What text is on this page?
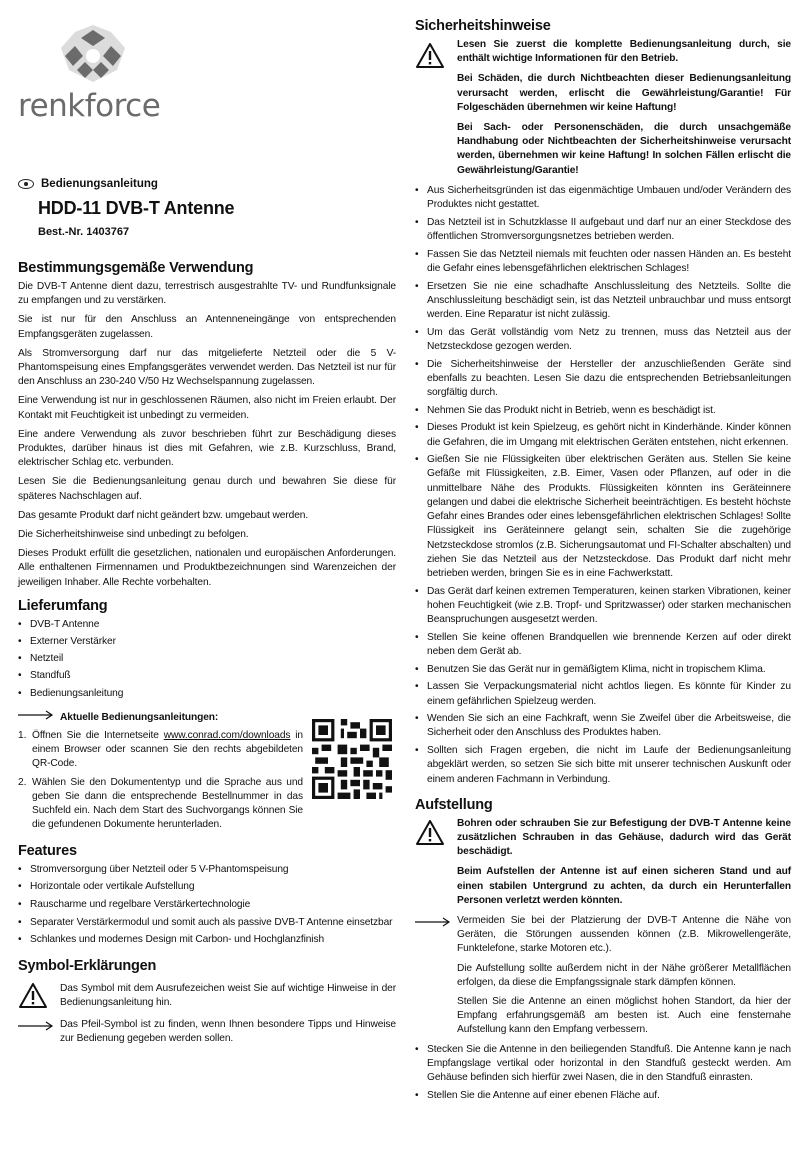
renkforce
Bedienungsanleitung
HDD-11 DVB-T Antenne
Best.-Nr. 1403767
Bestimmungsgemäße Verwendung

Die DVB-T Antenne dient dazu, terrestrisch ausgestrahlte TV- und Rundfunksignale zu empfangen und zu verstärken.

Sie ist nur für den Anschluss an Antenneneingänge von entsprechenden Empfangsgeräten zugelassen.

Als Stromversorgung darf nur das mitgelieferte Netzteil oder die 5 V-Phantomspeisung eines Empfangsgerätes verwendet werden. Das Netzteil ist nur für den Anschluss an 230-240 V/50 Hz Wechselspannung zugelassen.

Eine Verwendung ist nur in geschlossenen Räumen, also nicht im Freien erlaubt. Der Kontakt mit Feuchtigkeit ist unbedingt zu vermeiden.

Eine andere Verwendung als zuvor beschrieben führt zur Beschädigung dieses Produktes, darüber hinaus ist dies mit Gefahren, wie z.B. Kurzschluss, Brand, elektrischer Schlag etc. verbunden.

Lesen Sie die Bedienungsanleitung genau durch und bewahren Sie diese für späteres Nachschlagen auf.

Das gesamte Produkt darf nicht geändert bzw. umgebaut werden.

Die Sicherheitshinweise sind unbedingt zu befolgen.

Dieses Produkt erfüllt die gesetzlichen, nationalen und europäischen Anforderungen. Alle enthaltenen Firmennamen und Produktbezeichnungen sind Warenzeichen der jeweiligen Inhaber. Alle Rechte vorbehalten.

Lieferumfang
• DVB-T Antenne
• Externer Verstärker
• Netzteil
• Standfuß
• Bedienungsanleitung
Aktuelle Bedienungsanleitungen:
1. Öffnen Sie die Internetseite www.conrad.com/downloads in einem Browser oder scannen Sie den rechts abgebildeten QR-Code.
2. Wählen Sie den Dokumententyp und die Sprache aus und geben Sie dann die entsprechende Bestellnummer in das Suchfeld ein. Nach dem Start des Suchvorgangs können Sie die gefundenen Dokumente herunterladen.
Features
• Stromversorgung über Netzteil oder 5 V-Phantomspeisung
• Horizontale oder vertikale Aufstellung
• Rauscharme und regelbare Verstärkertechnologie
• Separater Verstärkermodul und somit auch als passive DVB-T Antenne einsetzbar
• Schlankes und modernes Design mit Carbon- und Hochglanzfinish
Symbol-Erklärungen

Das Symbol mit dem Ausrufezeichen weist Sie auf wichtige Hinweise in der Bedienungsanleitung hin.

Das Pfeil-Symbol ist zu finden, wenn Ihnen besondere Tipps und Hinweise zur Bedienung gegeben werden sollen.

Sicherheitshinweise

Lesen Sie zuerst die komplette Bedienungsanleitung durch, sie enthält wichtige Informationen für den Betrieb.

Bei Schäden, die durch Nichtbeachten dieser Bedienungsanleitung verursacht werden, erlischt die Gewährleistung/Garantie! Für Folgeschäden übernehmen wir keine Haftung!

Bei Sach- oder Personenschäden, die durch unsachgemäße Handhabung oder Nichtbeachten der Sicherheitshinweise verursacht werden, übernehmen wir keine Haftung! In solchen Fällen erlischt die Gewährleistung/Garantie!

• Aus Sicherheitsgründen ist das eigenmächtige Umbauen und/oder Verändern des Produktes nicht gestattet.
• Das Netzteil ist in Schutzklasse II aufgebaut und darf nur an einer Steckdose des öffentlichen Stromversorgungsnetzes betrieben werden.
• Fassen Sie das Netzteil niemals mit feuchten oder nassen Händen an. Es besteht die Gefahr eines lebensgefährlichen elektrischen Schlages!
• Ersetzen Sie nie eine schadhafte Anschlussleitung des Netzteils. Sollte die Anschlussleitung beschädigt sein, ist das Netzteil unbrauchbar und muss entsorgt werden. Eine Reparatur ist nicht zulässig.
• Um das Gerät vollständig vom Netz zu trennen, muss das Netzteil aus der Netzsteckdose gezogen werden.
• Die Sicherheitshinweise der Hersteller der anzuschließenden Geräte sind ebenfalls zu beachten. Lesen Sie dazu die entsprechenden Betriebsanleitungen sorgfältig durch.
• Nehmen Sie das Produkt nicht in Betrieb, wenn es beschädigt ist.
• Dieses Produkt ist kein Spielzeug, es gehört nicht in Kinderhände. Kinder können die Gefahren, die im Umgang mit elektrischen Geräten entstehen, nicht erkennen.
• Gießen Sie nie Flüssigkeiten über elektrischen Geräten aus. Stellen Sie keine Gefäße mit Flüssigkeiten, z.B. Eimer, Vasen oder Pflanzen, auf oder in die unmittelbare Nähe des Produkts. Flüssigkeiten könnten ins Geräteinnere gelangen und dabei die elektrische Sicherheit beeinträchtigen. Es besteht höchste Gefahr eines Brandes oder eines lebensgefährlichen elektrischen Schlages! Sollte Flüssigkeit ins Geräteinnere gelangt sein, schalten Sie die zugehörige Netzsteckdose stromlos (z.B. Sicherungsautomat und FI-Schalter abschalten) und ziehen Sie das Netzteil aus der Netzsteckdose. Das Produkt darf nicht mehr betrieben werden, bringen Sie es in eine Fachwerkstatt.
• Das Gerät darf keinen extremen Temperaturen, keinen starken Vibrationen, keiner hohen Feuchtigkeit (wie z.B. Tropf- und Spritzwasser) oder starken mechanischen Beanspruchungen ausgesetzt werden.
• Stellen Sie keine offenen Brandquellen wie brennende Kerzen auf oder direkt neben dem Gerät ab.
• Benutzen Sie das Gerät nur in gemäßigtem Klima, nicht in tropischem Klima.
• Lassen Sie Verpackungsmaterial nicht achtlos liegen. Es könnte für Kinder zu einem gefährlichen Spielzeug werden.
• Wenden Sie sich an eine Fachkraft, wenn Sie Zweifel über die Arbeitsweise, die Sicherheit oder den Anschluss des Produktes haben.
• Sollten sich Fragen ergeben, die nicht im Laufe der Bedienungsanleitung abgeklärt werden, so setzen Sie sich bitte mit unserer technischen Auskunft oder einem anderen Fachmann in Verbindung.
Aufstellung

Bohren oder schrauben Sie zur Befestigung der DVB-T Antenne keine zusätzlichen Schrauben in das Gehäuse, dadurch wird das Gerät beschädigt.

Beim Aufstellen der Antenne ist auf einen sicheren Stand und auf einen stabilen Untergrund zu achten, da durch ein Herunterfallen Personen verletzt werden könnten.

Vermeiden Sie bei der Platzierung der DVB-T Antenne die Nähe von Geräten, die Störungen aussenden können (z.B. Mikrowellengeräte, Funktelefone, starke Motoren etc.).

Die Aufstellung sollte außerdem nicht in der Nähe größerer Metallflächen erfolgen, da diese die Empfangssignale stark dämpfen können.

Stellen Sie die Antenne an einen möglichst hohen Standort, da hier der Empfang erfahrungsgemäß am besten ist. Auch eine fensternahe Aufstellung kann den Empfang verbessern.

• Stecken Sie die Antenne in den beiliegenden Standfuß. Die Antenne kann je nach Empfangslage vertikal oder horizontal in den Standfuß gesteckt werden. Am Gehäuse befinden sich hierfür zwei Nasen, die in den Standfuß einrasten.
• Stellen Sie die Antenne auf einer ebenen Fläche auf.
